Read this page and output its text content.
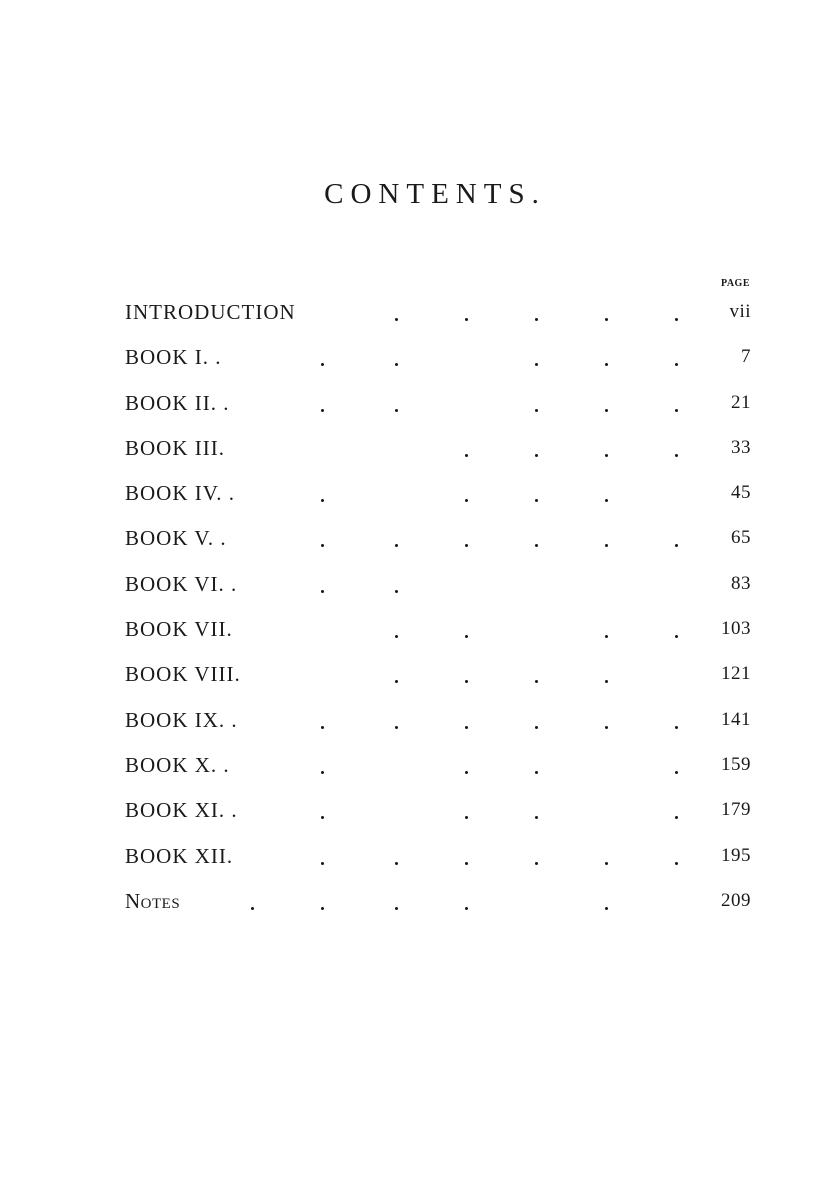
CONTENTS.
PAGE
INTRODUCTION	vii
BOOK I. .	7
BOOK II. .	21
BOOK III.	33
BOOK IV. .	45
BOOK V. .	65
BOOK VI. .	83
BOOK VII.	103
BOOK VIII.	121
BOOK IX. .	141
BOOK X. .	159
BOOK XI. .	179
BOOK XII.	195
Notes	209
